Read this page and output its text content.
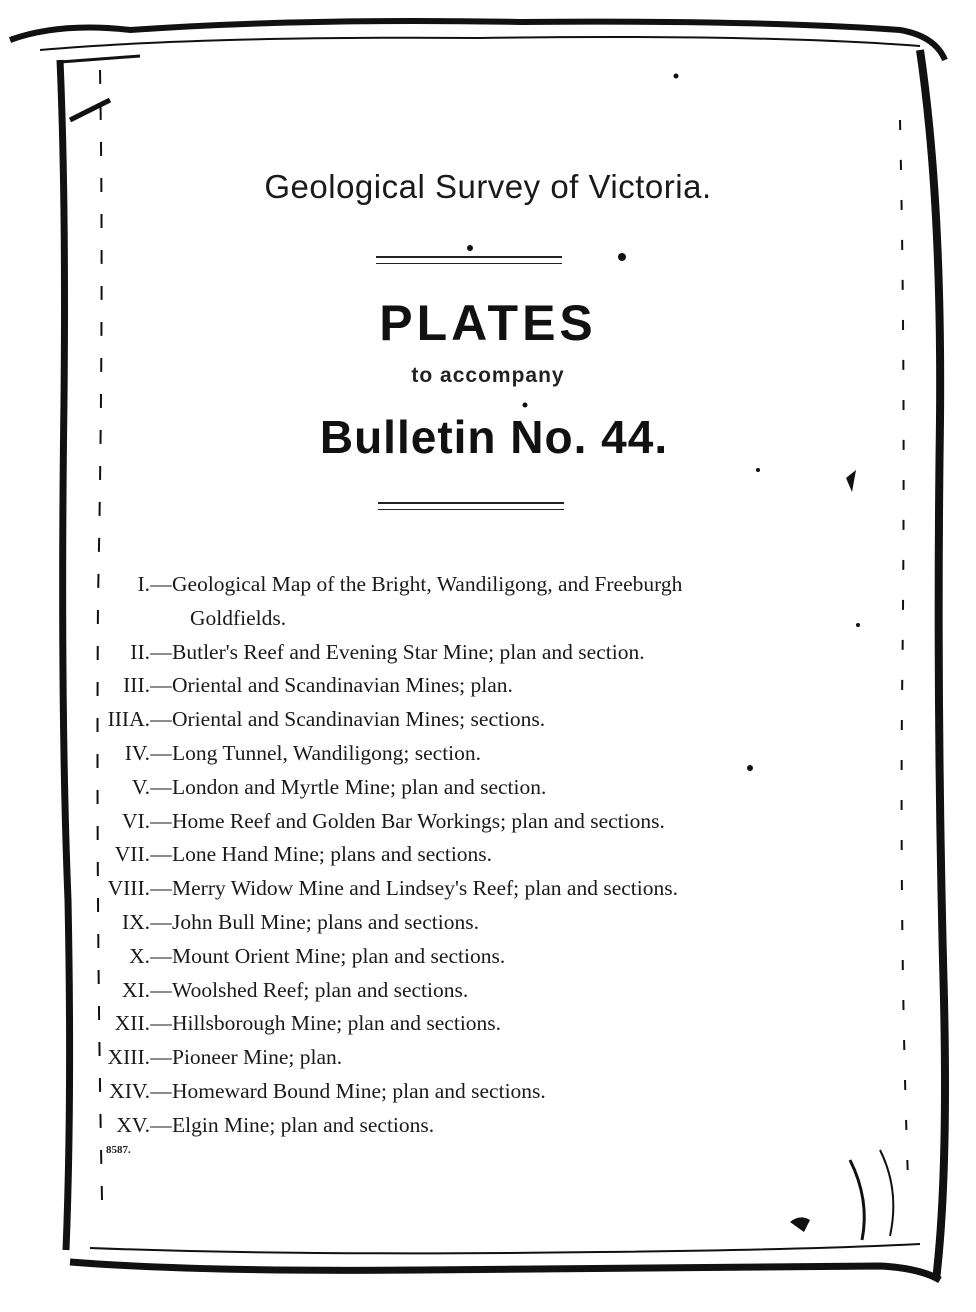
Geological Survey of Victoria.
PLATES
to accompany
Bulletin No. 44.
I. — Geological Map of the Bright, Wandiligong, and Freeburgh
Goldfields.
II. — Butler's Reef and Evening Star Mine; plan and section.
III. — Oriental and Scandinavian Mines; plan.
IIIA. — Oriental and Scandinavian Mines; sections.
IV. — Long Tunnel, Wandiligong; section.
V. — London and Myrtle Mine; plan and section.
VI. — Home Reef and Golden Bar Workings; plan and sections.
VII. — Lone Hand Mine; plans and sections.
VIII. — Merry Widow Mine and Lindsey's Reef; plan and sections.
IX. — John Bull Mine; plans and sections.
X. — Mount Orient Mine; plan and sections.
XI. — Woolshed Reef; plan and sections.
XII. — Hillsborough Mine; plan and sections.
XIII. — Pioneer Mine; plan.
XIV. — Homeward Bound Mine; plan and sections.
XV. — Elgin Mine; plan and sections.
8587.
